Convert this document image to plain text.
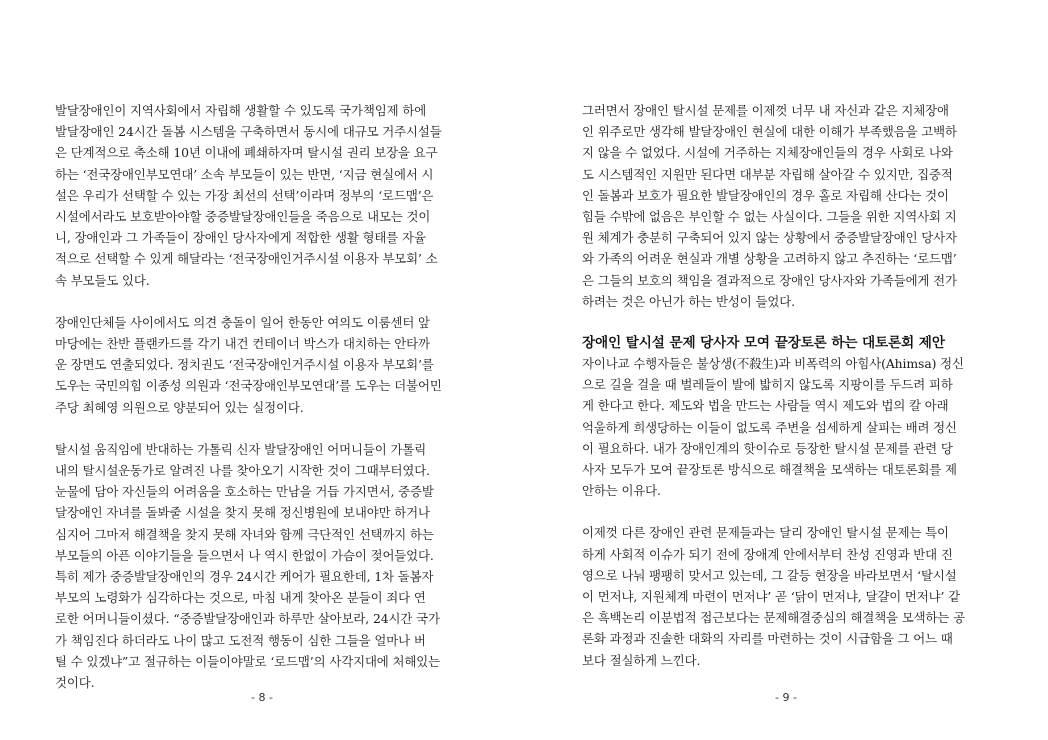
발달장애인이 지역사회에서 자립해 생활할 수 있도록 국가책임제 하에
발달장애인 24시간 돌봄 시스템을 구축하면서 동시에 대규모 거주시설들
은 단계적으로 축소해 10년 이내에 폐쇄하자며 탈시설 권리 보장을 요구
하는 ‘전국장애인부모연대’ 소속 부모들이 있는 반면, ‘지금 현실에서 시
설은 우리가 선택할 수 있는 가장 최선의 선택’이라며 정부의 ‘로드맵’은
시설에서라도 보호받아야할 중증발달장애인들을 죽음으로 내모는 것이
니, 장애인과 그 가족들이 장애인 당사자에게 적합한 생활 형태를 자율
적으로 선택할 수 있게 해달라는 ‘전국장애인거주시설 이용자 부모회’ 소
속 부모들도 있다.
장애인단체들 사이에서도 의견 충돌이 일어 한동안 여의도 이룸센터 앞
마당에는 찬반 플랜카드를 각기 내건 컨테이너 박스가 대치하는 안타까
운 장면도 연출되었다. 정치권도 ‘전국장애인거주시설 이용자 부모회’를
도우는 국민의힘 이종성 의원과 ‘전국장애인부모연대’를 도우는 더불어민
주당 최혜영 의원으로 양분되어 있는 실정이다.
탈시설 움직임에 반대하는 가톨릭 신자 발달장애인 어머니들이 가톨릭
내의 탈시설운동가로 알려진 나를 찾아오기 시작한 것이 그때부터였다.
눈물에 담아 자신들의 어려움을 호소하는 만남을 거듭 가지면서, 중증발
달장애인 자녀를 돌봐줄 시설을 찾지 못해 정신병원에 보내야만 하거나
심지어 그마저 해결책을 찾지 못해 자녀와 함께 극단적인 선택까지 하는
부모들의 아픈 이야기들을 들으면서 나 역시 한없이 가슴이 젖어들었다.
특히 제가 중증발달장애인의 경우 24시간 케어가 필요한데, 1차 돌봄자
부모의 노령화가 심각하다는 것으로, 마침 내게 찾아온 분들이 죄다 연
로한 어머니들이셨다. “중증발달장애인과 하루만 살아보라, 24시간 국가
가 책임진다 하더라도 나이 많고 도전적 행동이 심한 그들을 얼마나 버
틸 수 있겠냐”고 절규하는 이들이야말로 ‘로드맵’의 사각지대에 처해있는
것이다.
- 8 -
그러면서 장애인 탈시설 문제를 이제껏 너무 내 자신과 같은 지체장애
인 위주로만 생각해 발달장애인 현실에 대한 이해가 부족했음을 고백하
지 않을 수 없었다. 시설에 거주하는 지체장애인들의 경우 사회로 나와
도 시스템적인 지원만 된다면 대부분 자립해 살아갈 수 있지만, 집중적
인 돌봄과 보호가 필요한 발달장애인의 경우 홀로 자립해 산다는 것이
힘들 수밖에 없음은 부인할 수 없는 사실이다. 그들을 위한 지역사회 지
원 체계가 충분히 구축되어 있지 않는 상황에서 중증발달장애인 당사자
와 가족의 어려운 현실과 개별 상황을 고려하지 않고 추진하는 ‘로드맵’
은 그들의 보호의 책임을 결과적으로 장애인 당사자와 가족들에게 전가
하려는 것은 아닌가 하는 반성이 들었다.
장애인 탈시설 문제 당사자 모여 끝장토론 하는 대토론회 제안
자이나교 수행자들은 불상생(不殺生)과 비폭력의 아힘사(Ahimsa) 정신
으로 길을 걸을 때 벌레들이 발에 밟히지 않도록 지팡이를 두드려 피하
게 한다고 한다. 제도와 법을 만드는 사람들 역시 제도와 법의 칼 아래
억울하게 희생당하는 이들이 없도록 주변을 섬세하게 살피는 배려 정신
이 필요하다. 내가 장애인계의 핫이슈로 등장한 탈시설 문제를 관련 당
사자 모두가 모여 끝장토론 방식으로 해결책을 모색하는 대토론회를 제
안하는 이유다.
이제껏 다른 장애인 관련 문제들과는 달리 장애인 탈시설 문제는 특이
하게 사회적 이슈가 되기 전에 장애계 안에서부터 찬성 진영과 반대 진
영으로 나눠 팽팽히 맞서고 있는데, 그 갈등 현장을 바라보면서 ‘탈시설
이 먼저냐, 지원체계 마련이 먼저냐’ 곧 ‘닭이 먼저냐, 달걀이 먼저냐’ 같
은 흑백논리 이분법적 접근보다는 문제해결중심의 해결책을 모색하는 공
론화 과정과 진솔한 대화의 자리를 마련하는 것이 시급함을 그 어느 때
보다 절실하게 느낀다.
- 9 -
